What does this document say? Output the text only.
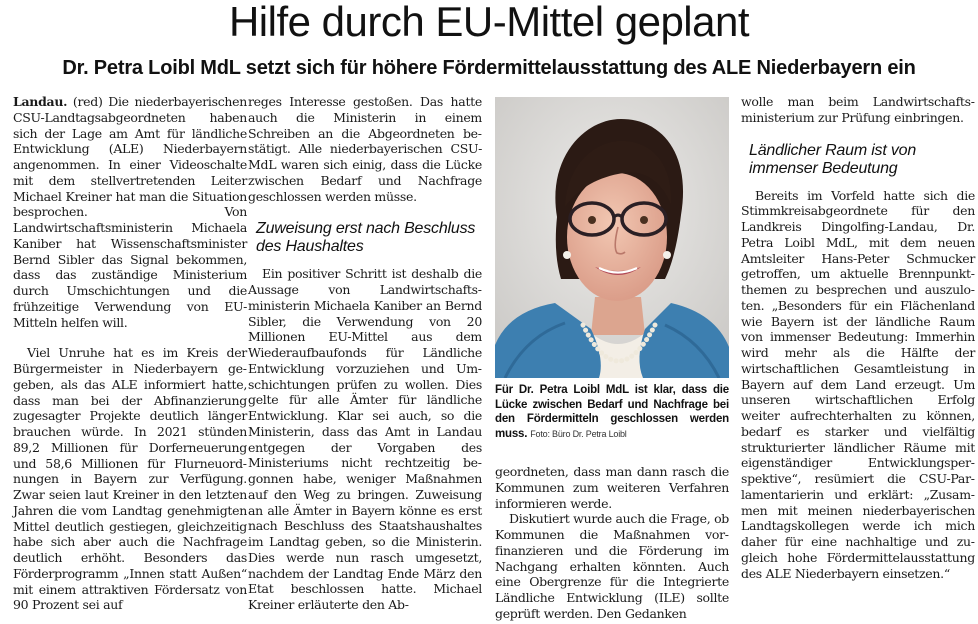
Hilfe durch EU-Mittel geplant
Dr. Petra Loibl MdL setzt sich für höhere Fördermittelausstattung des ALE Niederbayern ein

Landau. (red) Die niederbayerischen CSU-Landtagsabgeordneten haben sich der Lage am Amt für ländliche Entwicklung (ALE) Niederbayern angenommen. In einer Videoschalte mit dem stellvertretenden Leiter Michael Kreiner hat man die Situation besprochen. Von Landwirtschaftsministerin Michaela Kaniber hat Wissenschaftsminister Bernd Sibler das Signal bekommen, dass das zuständige Ministerium durch Umschichtungen und die frühzeitige Verwendung von EU-Mitteln helfen will.

Viel Unruhe hat es im Kreis der Bürgermeister in Niederbayern gegeben, als das ALE informiert hatte, dass man bei der Abfinanzierung zugesagter Projekte deutlich länger brauchen würde. In 2021 stünden 89,2 Millionen für Dorferneuerung und 58,6 Millionen für Flurneuordnungen in Bayern zur Verfügung. Zwar seien laut Kreiner in den letzten Jahren die vom Landtag genehmigten Mittel deutlich gestiegen, gleichzeitig habe sich aber auch die Nachfrage deutlich erhöht. Besonders das Förderprogramm „Innen statt Außen“ mit einem attraktiven Fördersatz von 90 Prozent sei auf

reges Interesse gestoßen. Das hatte auch die Ministerin in einem Schreiben an die Abgeordneten bestätigt. Alle niederbayerischen CSU-MdL waren sich einig, dass die Lücke zwischen Bedarf und Nachfrage geschlossen werden müsse.

Zuweisung erst nach Beschluss des Haushaltes

Ein positiver Schritt ist deshalb die Aussage von Landwirtschaftsministerin Michaela Kaniber an Bernd Sibler, die Verwendung von 20 Millionen EU-Mittel aus dem Wiederaufbaufonds für Ländliche Entwicklung vorzuziehen und Umschichtungen prüfen zu wollen. Dies gelte für alle Ämter für ländliche Entwicklung. Klar sei auch, so die Ministerin, dass das Amt in Landau entgegen der Vorgaben des Ministeriums nicht rechtzeitig begonnen habe, weniger Maßnahmen auf den Weg zu bringen. Zuweisung an alle Ämter in Bayern könne es erst nach Beschluss des Staatshaushaltes im Landtag geben, so die Ministerin. Dies werde nun rasch umgesetzt, nachdem der Landtag Ende März den Etat beschlossen hatte. Michael Kreiner erläuterte den Ab-

Für Dr. Petra Loibl MdL ist klar, dass die Lücke zwischen Bedarf und Nachfrage bei den Fördermitteln geschlossen werden muss. Foto: Büro Dr. Petra Loibl

geordneten, dass man dann rasch die Kommunen zum weiteren Verfahren informieren werde.

Diskutiert wurde auch die Frage, ob Kommunen die Maßnahmen vorfinanzieren und die Förderung im Nachgang erhalten könnten. Auch eine Obergrenze für die Integrierte Ländliche Entwicklung (ILE) sollte geprüft werden. Den Gedanken

wolle man beim Landwirtschaftsministerium zur Prüfung einbringen.

Ländlicher Raum ist von immenser Bedeutung

Bereits im Vorfeld hatte sich die Stimmkreisabgeordnete für den Landkreis Dingolfing-Landau, Dr. Petra Loibl MdL, mit dem neuen Amtsleiter Hans-Peter Schmucker getroffen, um aktuelle Brennpunktthemen zu besprechen und auszuloten. „Besonders für ein Flächenland wie Bayern ist der ländliche Raum von immenser Bedeutung: Immerhin wird mehr als die Hälfte der wirtschaftlichen Gesamtleistung in Bayern auf dem Land erzeugt. Um unseren wirtschaftlichen Erfolg weiter aufrechterhalten zu können, bedarf es starker und vielfältig strukturierter ländlicher Räume mit eigenständiger Entwicklungsperspektive“, resümiert die CSU-Parlamentarierin und erklärt: „Zusammen mit meinen niederbayerischen Landtagskollegen werde ich mich daher für eine nachhaltige und zugleich hohe Fördermittelausstattung des ALE Niederbayern einsetzen.“
